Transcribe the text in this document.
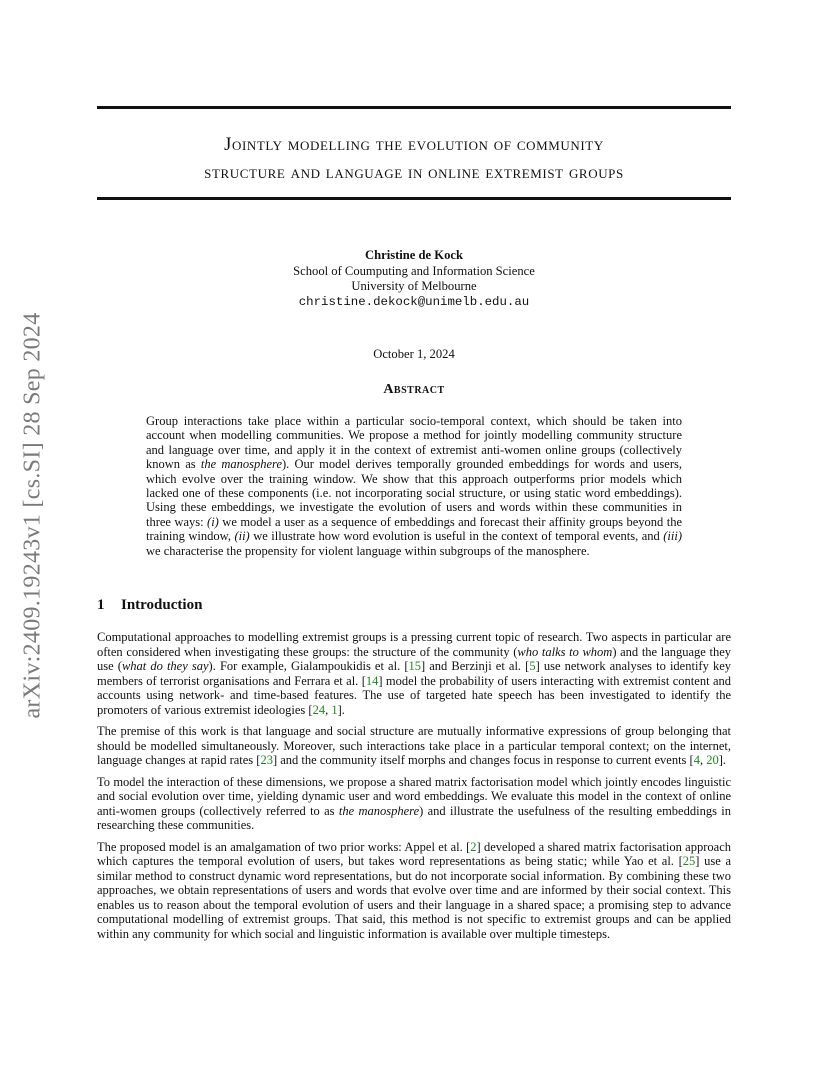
arXiv:2409.19243v1 [cs.SI] 28 Sep 2024
Jointly modelling the evolution of community
structure and language in online extremist groups
Christine de Kock
School of Coumputing and Information Science
University of Melbourne
christine.dekock@unimelb.edu.au
October 1, 2024
Abstract

Group interactions take place within a particular socio-temporal context, which should be taken into account when modelling communities. We propose a method for jointly modelling community structure and language over time, and apply it in the context of extremist anti-women online groups (collectively known as the manosphere). Our model derives temporally grounded embeddings for words and users, which evolve over the training window. We show that this approach outperforms prior models which lacked one of these components (i.e. not incorporating social structure, or using static word embeddings). Using these embeddings, we investigate the evolution of users and words within these communities in three ways: (i) we model a user as a sequence of embeddings and forecast their affinity groups beyond the training window, (ii) we illustrate how word evolution is useful in the context of temporal events, and (iii) we characterise the propensity for violent language within subgroups of the manosphere.

1 Introduction

Computational approaches to modelling extremist groups is a pressing current topic of research. Two aspects in particular are often considered when investigating these groups: the structure of the community (who talks to whom) and the language they use (what do they say). For example, Gialampoukidis et al. [15] and Berzinji et al. [5] use network analyses to identify key members of terrorist organisations and Ferrara et al. [14] model the probability of users interacting with extremist content and accounts using network- and time-based features. The use of targeted hate speech has been investigated to identify the promoters of various extremist ideologies [24, 1].

The premise of this work is that language and social structure are mutually informative expressions of group belonging that should be modelled simultaneously. Moreover, such interactions take place in a particular temporal context; on the internet, language changes at rapid rates [23] and the community itself morphs and changes focus in response to current events [4, 20].

To model the interaction of these dimensions, we propose a shared matrix factorisation model which jointly encodes linguistic and social evolution over time, yielding dynamic user and word embeddings. We evaluate this model in the context of online anti-women groups (collectively referred to as the manosphere) and illustrate the usefulness of the resulting embeddings in researching these communities.

The proposed model is an amalgamation of two prior works: Appel et al. [2] developed a shared matrix factorisation approach which captures the temporal evolution of users, but takes word representations as being static; while Yao et al. [25] use a similar method to construct dynamic word representations, but do not incorporate social information. By combining these two approaches, we obtain representations of users and words that evolve over time and are informed by their social context. This enables us to reason about the temporal evolution of users and their language in a shared space; a promising step to advance computational modelling of extremist groups. That said, this method is not specific to extremist groups and can be applied within any community for which social and linguistic information is available over multiple timesteps.
